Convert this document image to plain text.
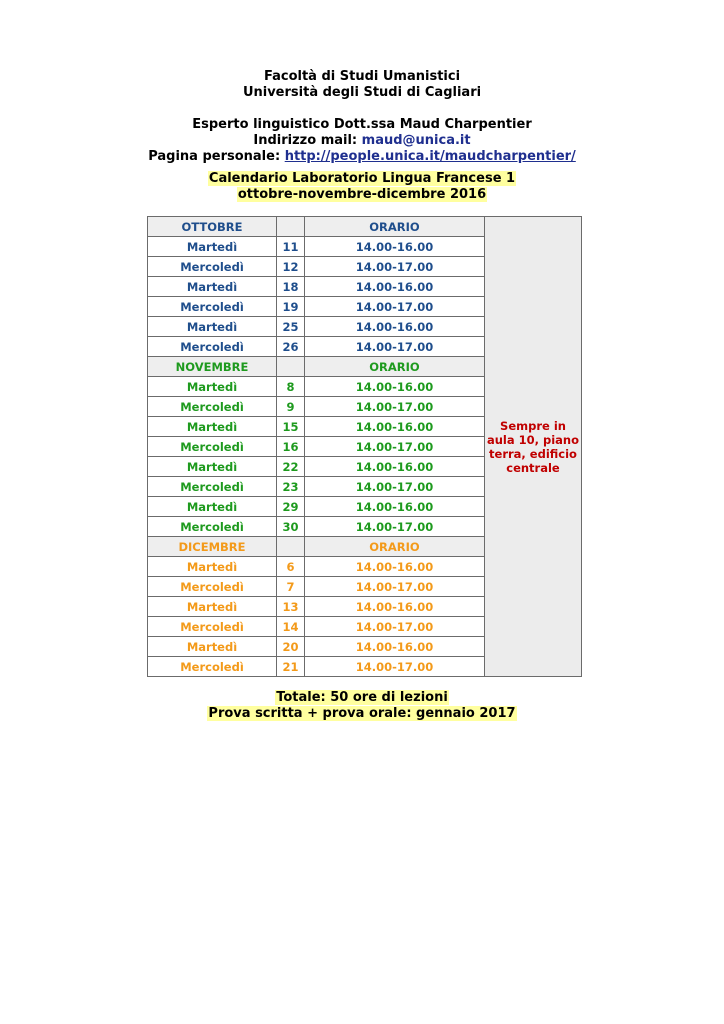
Facoltà di Studi Umanistici
Università degli Studi di Cagliari
Esperto linguistico Dott.ssa Maud Charpentier
Indirizzo mail: maud@unica.it
Pagina personale: http://people.unica.it/maudcharpentier/
Calendario Laboratorio Lingua Francese 1
ottobre-novembre-dicembre 2016
OTTOBRE		ORARIO	Sempre in aula 10, piano terra, edificio centrale
Martedì	11	14.00-16.00	
Mercoledì	12	14.00-17.00	
Martedì	18	14.00-16.00	
Mercoledì	19	14.00-17.00	
Martedì	25	14.00-16.00	
Mercoledì	26	14.00-17.00	
NOVEMBRE		ORARIO	
Martedì	8	14.00-16.00	
Mercoledì	9	14.00-17.00	
Martedì	15	14.00-16.00	
Mercoledì	16	14.00-17.00	
Martedì	22	14.00-16.00	
Mercoledì	23	14.00-17.00	
Martedì	29	14.00-16.00	
Mercoledì	30	14.00-17.00	
DICEMBRE		ORARIO	
Martedì	6	14.00-16.00	
Mercoledì	7	14.00-17.00	
Martedì	13	14.00-16.00	
Mercoledì	14	14.00-17.00	
Martedì	20	14.00-16.00	
Mercoledì	21	14.00-17.00	
Totale: 50 ore di lezioni
Prova scritta + prova orale: gennaio 2017
